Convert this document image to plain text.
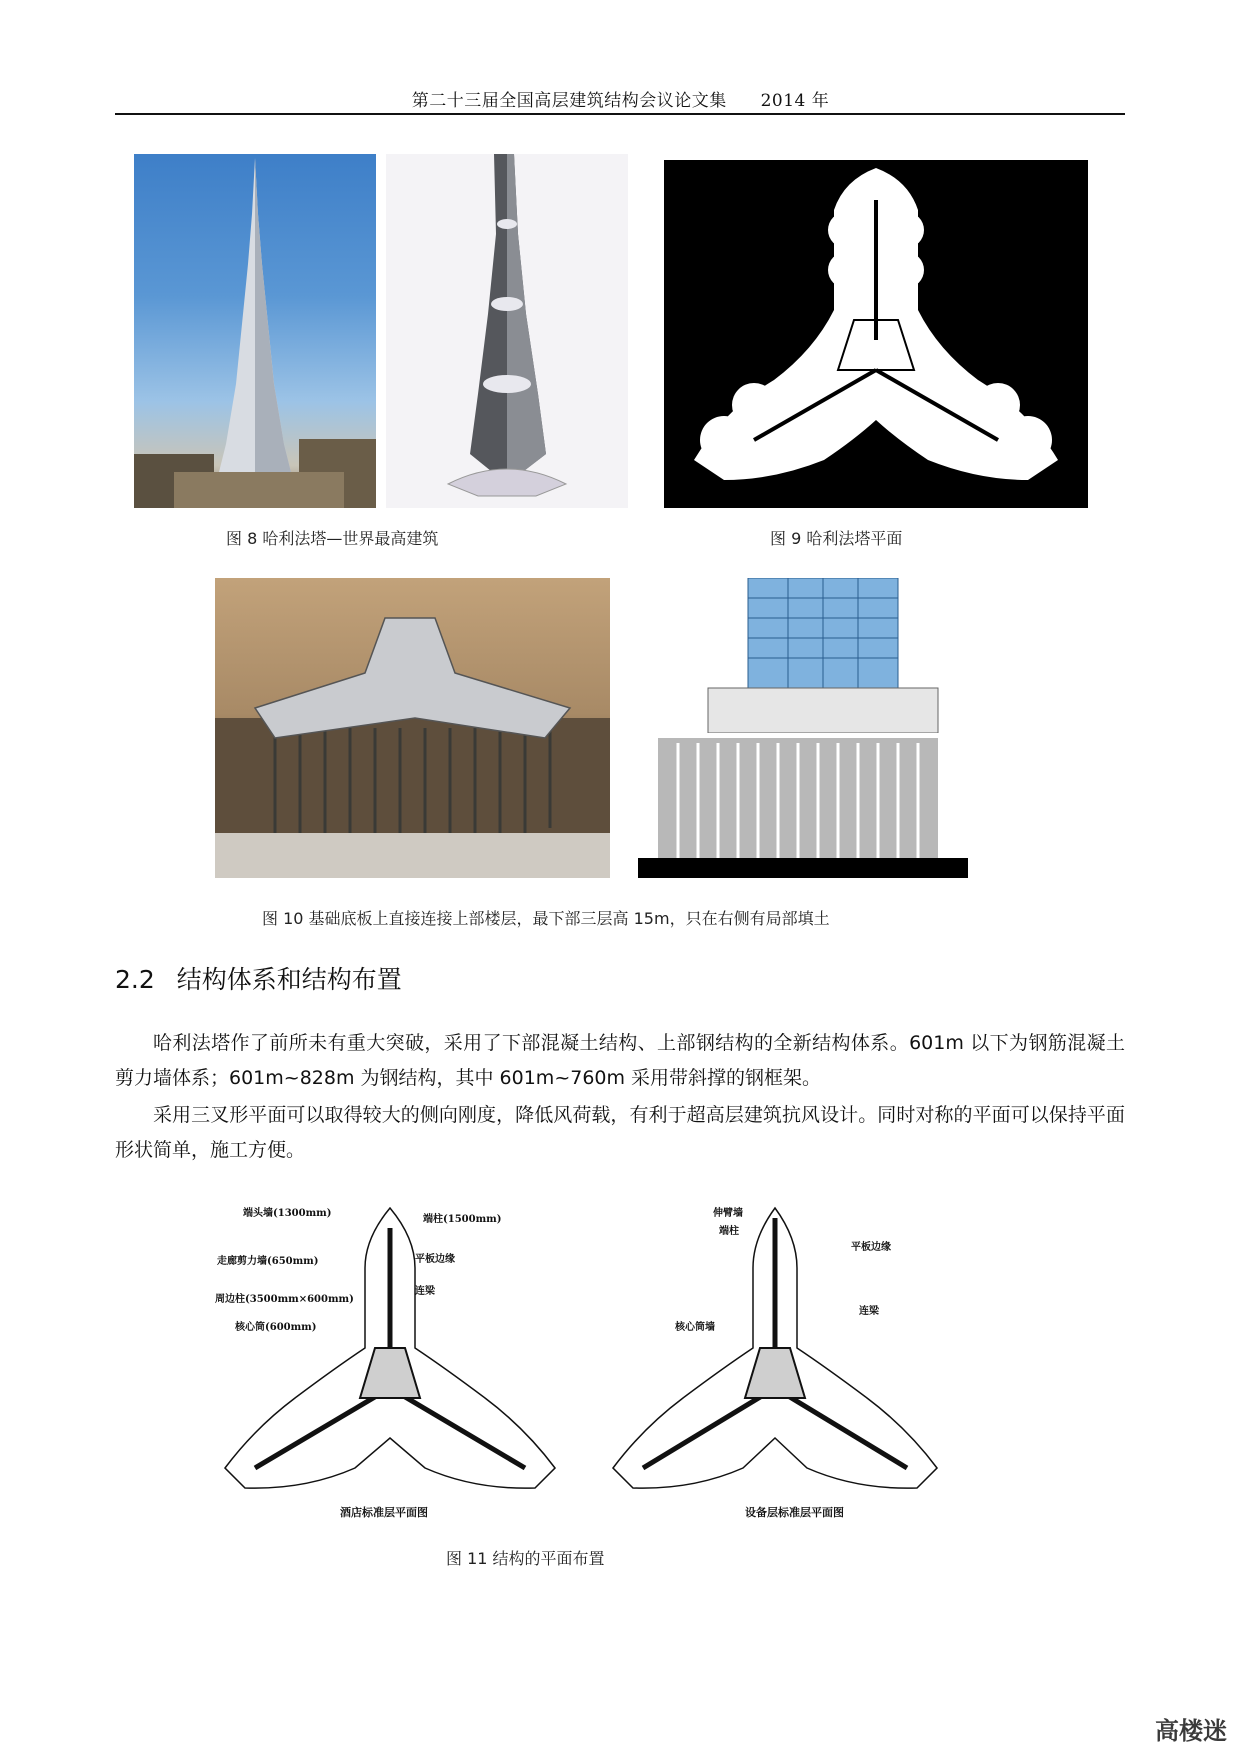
第二十三届全国高层建筑结构会议论文集 2014 年
图 8 哈利法塔—世界最高建筑	图 9 哈利法塔平面
图 10 基础底板上直接连接上部楼层，最下部三层高 15m，只在右侧有局部填土
2.2 结构体系和结构布置
哈利法塔作了前所未有重大突破，采用了下部混凝土结构、上部钢结构的全新结构体系。601m 以下为钢筋混凝土剪力墙体系；601m~828m 为钢结构，其中 601m~760m 采用带斜撑的钢框架。
采用三叉形平面可以取得较大的侧向刚度，降低风荷载，有利于超高层建筑抗风设计。同时对称的平面可以保持平面形状简单，施工方便。
端头墙(1300mm)
端柱(1500mm)
走廊剪力墙(650mm)	平板边缘
连梁
周边柱(3500mm×600mm)
核心筒(600mm)
酒店标准层平面图
伸臂墙
端柱
平板边缘
连梁
核心筒墙
设备层标准层平面图
图 11 结构的平面布置
高楼迷
